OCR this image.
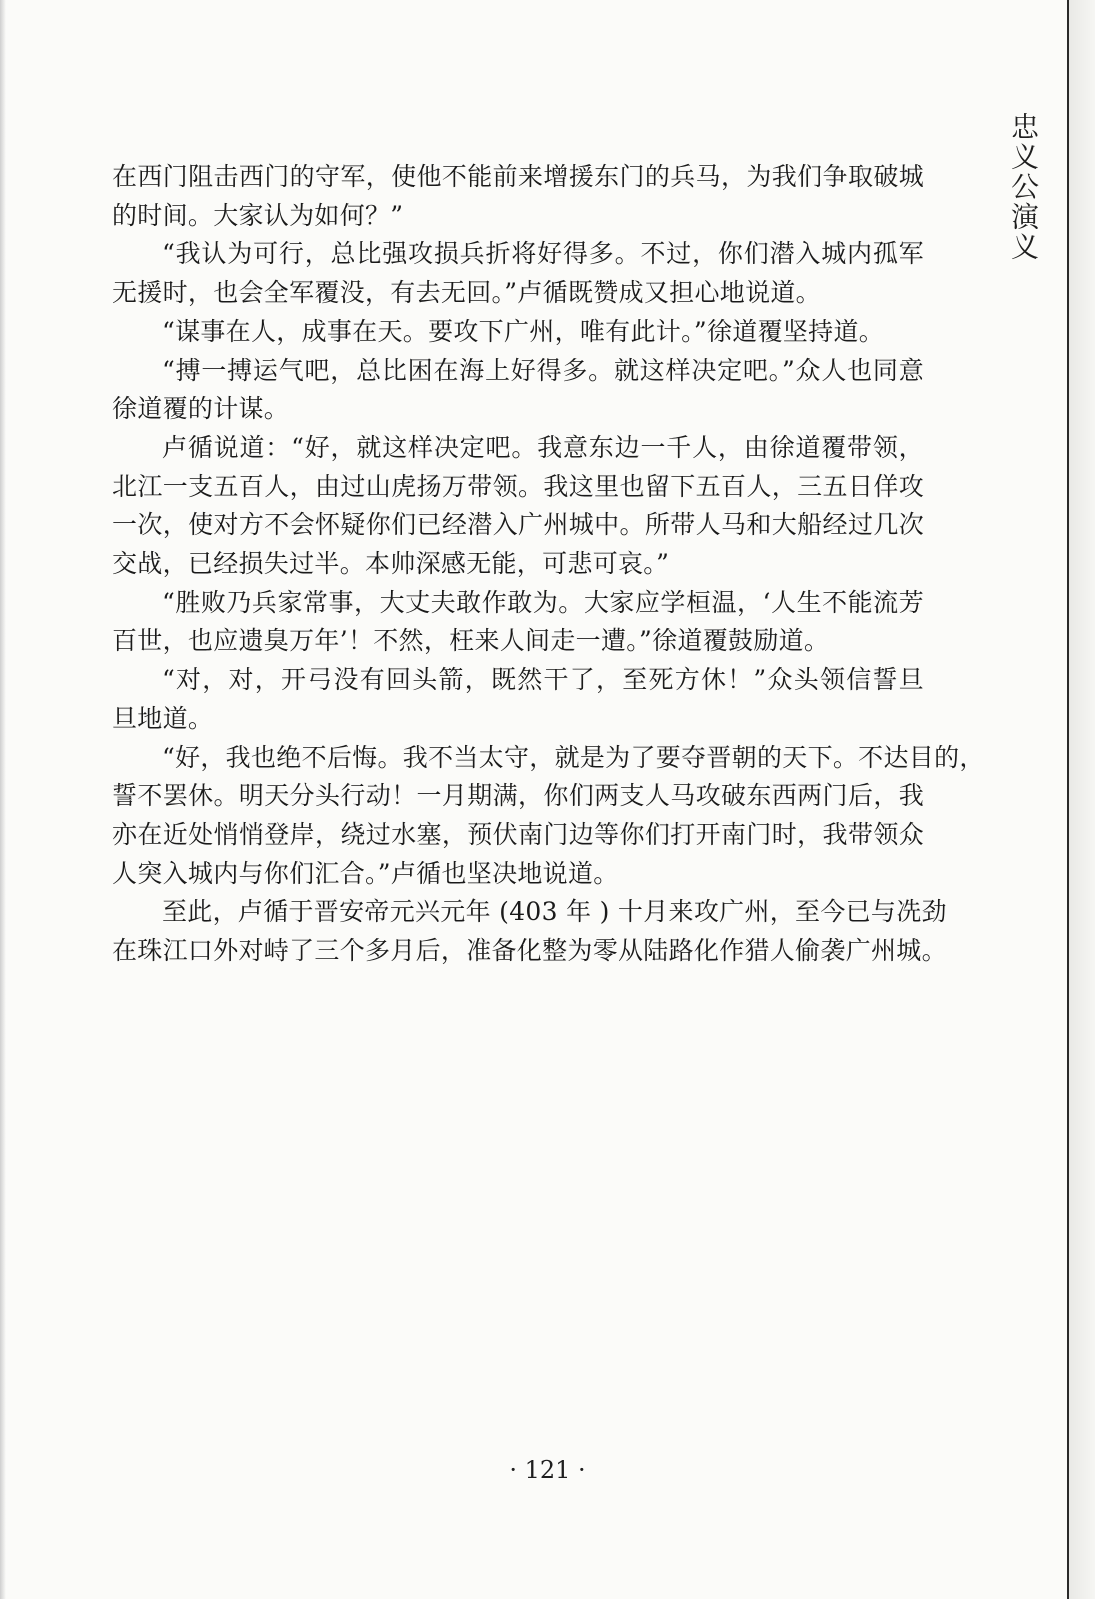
忠义公演义
在西门阻击西门的守军，使他不能前来增援东门的兵马，为我们争取破城
的时间。大家认为如何？”
“我认为可行，总比强攻损兵折将好得多。不过，你们潜入城内孤军
无援时，也会全军覆没，有去无回。”卢循既赞成又担心地说道。
“谋事在人，成事在天。要攻下广州，唯有此计。”徐道覆坚持道。
“搏一搏运气吧，总比困在海上好得多。就这样决定吧。”众人也同意
徐道覆的计谋。
卢循说道：“好，就这样决定吧。我意东边一千人，由徐道覆带领，
北江一支五百人，由过山虎扬万带领。我这里也留下五百人，三五日佯攻
一次，使对方不会怀疑你们已经潜入广州城中。所带人马和大船经过几次
交战，已经损失过半。本帅深感无能，可悲可哀。”
“胜败乃兵家常事，大丈夫敢作敢为。大家应学桓温，‘人生不能流芳
百世，也应遗臭万年’！不然，枉来人间走一遭。”徐道覆鼓励道。
“对，对，开弓没有回头箭，既然干了，至死方休！”众头领信誓旦
旦地道。
“好，我也绝不后悔。我不当太守，就是为了要夺晋朝的天下。不达目的，
誓不罢休。明天分头行动！一月期满，你们两支人马攻破东西两门后，我
亦在近处悄悄登岸，绕过水塞，预伏南门边等你们打开南门时，我带领众
人突入城内与你们汇合。”卢循也坚决地说道。
至此，卢循于晋安帝元兴元年 (403 年 ) 十月来攻广州，至今已与冼劲
在珠江口外对峙了三个多月后，准备化整为零从陆路化作猎人偷袭广州城。
· 121 ·
